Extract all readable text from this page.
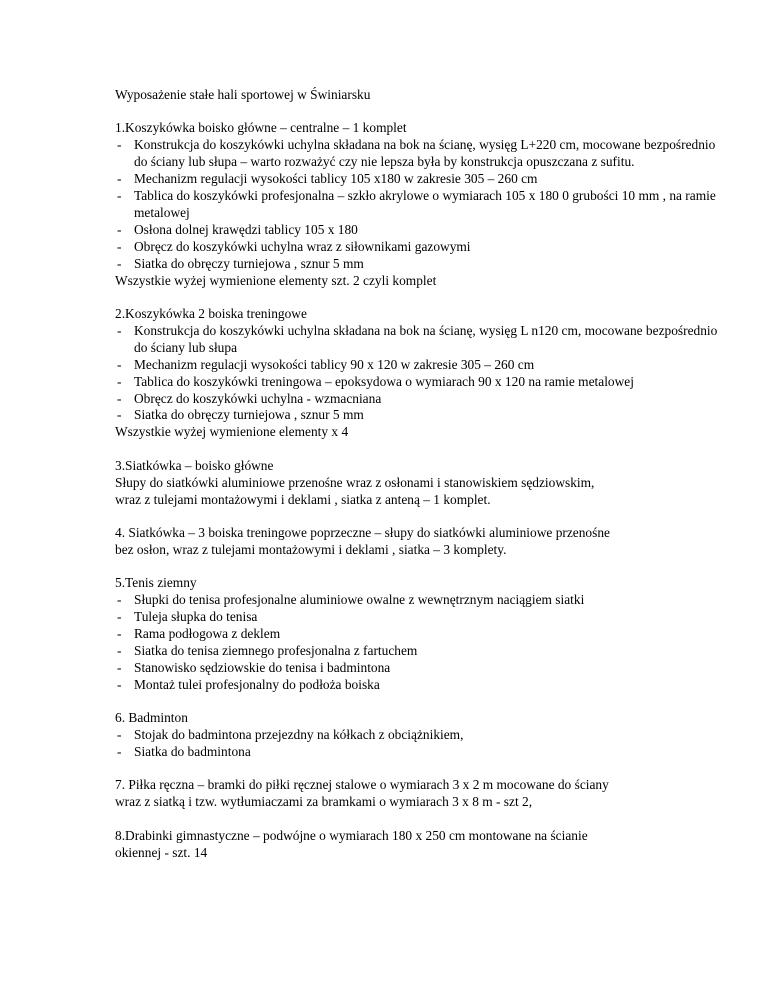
Wyposażenie stałe hali sportowej w Świniarsku
1.Koszykówka boisko główne – centralne – 1 komplet
- Konstrukcja do koszykówki uchylna składana na bok na ścianę, wysięg L+220 cm, mocowane bezpośrednio do ściany lub słupa – warto rozważyć czy nie lepsza była by konstrukcja opuszczana z sufitu.
- Mechanizm regulacji wysokości tablicy 105 x180 w zakresie 305 – 260 cm
- Tablica do koszykówki profesjonalna – szkło akrylowe o wymiarach 105 x 180 0 grubości 10 mm , na ramie metalowej
- Osłona dolnej krawędzi tablicy 105 x 180
- Obręcz do koszykówki uchylna wraz z siłownikami gazowymi
- Siatka do obręczy turniejowa , sznur 5 mm
Wszystkie wyżej wymienione elementy szt. 2 czyli komplet
2.Koszykówka 2 boiska treningowe
- Konstrukcja do koszykówki uchylna składana na bok na ścianę, wysięg L n120 cm, mocowane bezpośrednio do ściany lub słupa
- Mechanizm regulacji wysokości tablicy 90 x 120 w zakresie 305 – 260 cm
- Tablica do koszykówki treningowa – epoksydowa o wymiarach 90 x 120 na ramie metalowej
- Obręcz do koszykówki uchylna - wzmacniana
- Siatka do obręczy turniejowa , sznur 5 mm
Wszystkie wyżej wymienione elementy x 4
3.Siatkówka – boisko główne
Słupy do siatkówki aluminiowe przenośne wraz z osłonami i stanowiskiem sędziowskim,
wraz z tulejami montażowymi i deklami , siatka z anteną – 1 komplet.
4. Siatkówka – 3 boiska treningowe poprzeczne – słupy do siatkówki aluminiowe przenośne
bez osłon, wraz z tulejami montażowymi i deklami , siatka – 3 komplety.
5.Tenis ziemny
- Słupki do tenisa profesjonalne aluminiowe owalne z wewnętrznym naciągiem siatki
- Tuleja słupka do tenisa
- Rama podłogowa z deklem
- Siatka do tenisa ziemnego profesjonalna z fartuchem
- Stanowisko sędziowskie do tenisa i badmintona
- Montaż tulei profesjonalny do podłoża boiska
6. Badminton
- Stojak do badmintona przejezdny na kółkach z obciążnikiem,
- Siatka do badmintona
7. Piłka ręczna – bramki do piłki ręcznej stalowe o wymiarach 3 x 2 m mocowane do ściany
wraz z siatką i tzw. wytłumiaczami za bramkami o wymiarach 3 x 8 m - szt 2,
8.Drabinki gimnastyczne – podwójne o wymiarach 180 x 250 cm montowane na ścianie
okiennej - szt. 14
